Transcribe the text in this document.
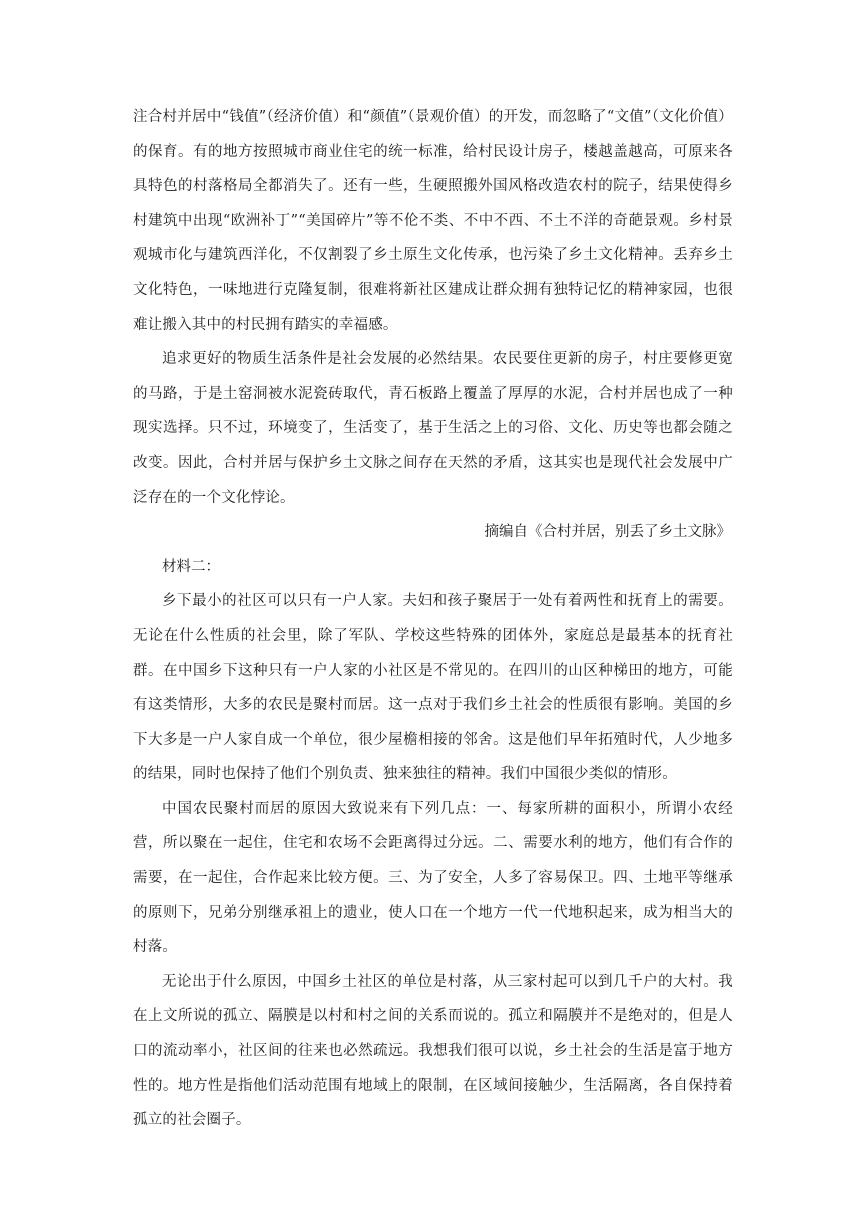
注合村并居中“钱值”（经济价值）和“颜值”（景观价值）的开发，而忽略了“文值”（文化价值）的保育。有的地方按照城市商业住宅的统一标准，给村民设计房子，楼越盖越高，可原来各具特色的村落格局全都消失了。还有一些，生硬照搬外国风格改造农村的院子，结果使得乡村建筑中出现“欧洲补丁”“美国碎片”等不伦不类、不中不西、不土不洋的奇葩景观。乡村景观城市化与建筑西洋化，不仅割裂了乡土原生文化传承，也污染了乡土文化精神。丢弃乡土文化特色，一味地进行克隆复制，很难将新社区建成让群众拥有独特记忆的精神家园，也很难让搬入其中的村民拥有踏实的幸福感。

追求更好的物质生活条件是社会发展的必然结果。农民要住更新的房子，村庄要修更宽的马路，于是土窑洞被水泥瓷砖取代，青石板路上覆盖了厚厚的水泥，合村并居也成了一种现实选择。只不过，环境变了，生活变了，基于生活之上的习俗、文化、历史等也都会随之改变。因此，合村并居与保护乡土文脉之间存在天然的矛盾，这其实也是现代社会发展中广泛存在的一个文化悖论。

摘编自《合村并居，别丢了乡土文脉》

材料二：

乡下最小的社区可以只有一户人家。夫妇和孩子聚居于一处有着两性和抚育上的需要。无论在什么性质的社会里，除了军队、学校这些特殊的团体外，家庭总是最基本的抚育社群。在中国乡下这种只有一户人家的小社区是不常见的。在四川的山区种梯田的地方，可能有这类情形，大多的农民是聚村而居。这一点对于我们乡土社会的性质很有影响。美国的乡下大多是一户人家自成一个单位，很少屋檐相接的邻舍。这是他们早年拓殖时代，人少地多的结果，同时也保持了他们个别负责、独来独往的精神。我们中国很少类似的情形。

中国农民聚村而居的原因大致说来有下列几点：一、每家所耕的面积小，所谓小农经营，所以聚在一起住，住宅和农场不会距离得过分远。二、需要水利的地方，他们有合作的需要，在一起住，合作起来比较方便。三、为了安全，人多了容易保卫。四、土地平等继承的原则下，兄弟分别继承祖上的遗业，使人口在一个地方一代一代地积起来，成为相当大的村落。

无论出于什么原因，中国乡土社区的单位是村落，从三家村起可以到几千户的大村。我在上文所说的孤立、隔膜是以村和村之间的关系而说的。孤立和隔膜并不是绝对的，但是人口的流动率小，社区间的往来也必然疏远。我想我们很可以说，乡土社会的生活是富于地方性的。地方性是指他们活动范围有地域上的限制，在区域间接触少，生活隔离，各自保持着孤立的社会圈子。
